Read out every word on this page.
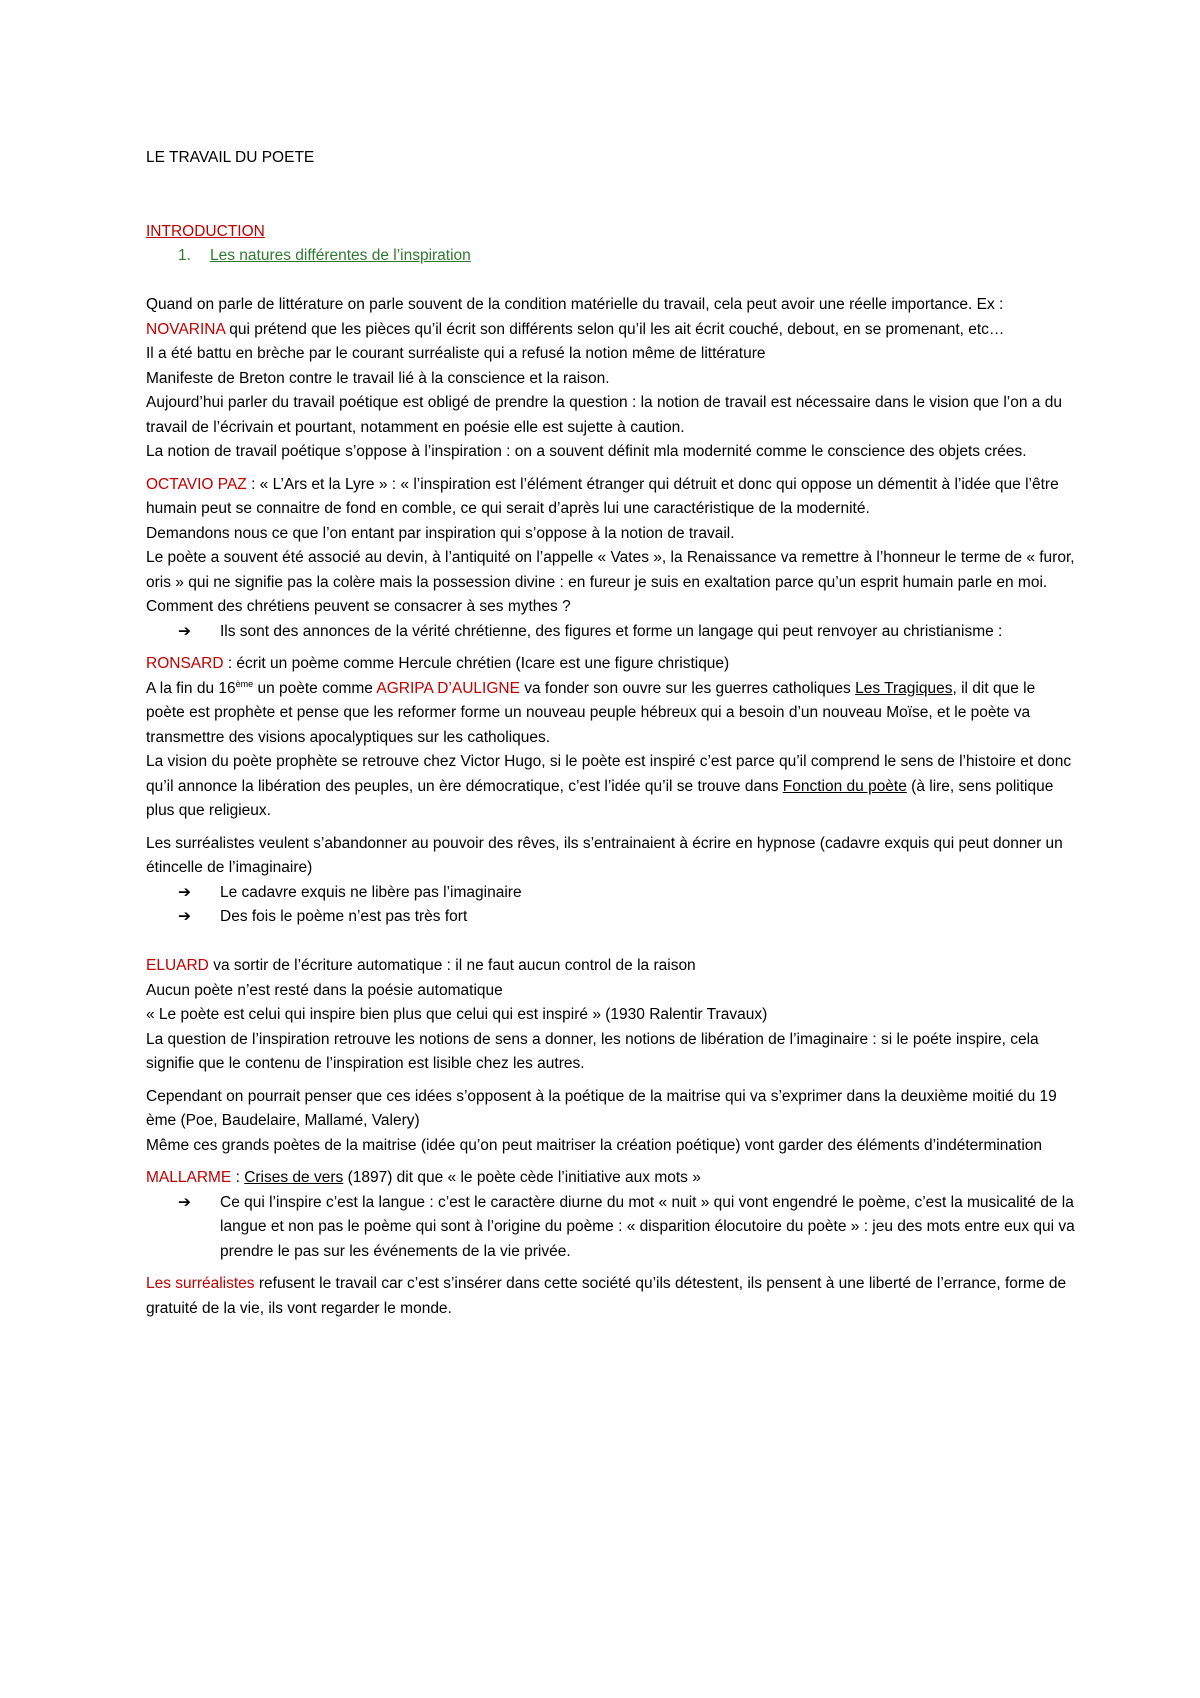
LE TRAVAIL DU POETE

INTRODUCTION

1.	Les natures différentes de l’inspiration

Quand on parle de littérature on parle souvent de la condition matérielle du travail, cela peut avoir une réelle importance. Ex : NOVARINA qui prétend que les pièces qu’il écrit son différents selon qu’il les ait écrit couché, debout, en se promenant, etc…

Il a été battu en brèche par le courant surréaliste qui a refusé la notion même de littérature

Manifeste de Breton contre le travail lié à la conscience et la raison.

Aujourd’hui parler du travail poétique est obligé de prendre la question : la notion de travail est nécessaire dans le vision que l’on a du travail de l’écrivain et pourtant, notamment en poésie elle est sujette à caution.

La notion de travail poétique s’oppose à l’inspiration : on a souvent définit mla modernité comme le conscience des objets crées.

OCTAVIO PAZ : « L’Ars et la Lyre » : « l’inspiration est l’élément étranger qui détruit et donc qui oppose un démentit à l’idée que l’être humain peut se connaitre de fond en comble, ce qui serait d’après lui une caractéristique de la modernité.

Demandons nous ce que l’on entant par inspiration qui s’oppose à la notion de travail.

Le poète a souvent été associé au devin, à l’antiquité on l’appelle « Vates », la Renaissance va remettre à l’honneur le terme de « furor, oris » qui ne signifie pas la colère mais la possession divine : en fureur je suis en exaltation parce qu’un esprit humain parle en moi.

Comment des chrétiens peuvent se consacrer à ses mythes ?

➔	Ils sont des annonces de la vérité chrétienne, des figures et forme un langage qui peut renvoyer au christianisme :

RONSARD : écrit un poème comme Hercule chrétien (Icare est une figure christique)

A la fin du 16ème un poète comme AGRIPA D’AULIGNE va fonder son ouvre sur les guerres catholiques Les Tragiques, il dit que le poète est prophète et pense que les reformer forme un nouveau peuple hébreux qui a besoin d’un nouveau Moïse, et le poète va transmettre des visions apocalyptiques sur les catholiques.

La vision du poète prophète se retrouve chez Victor Hugo, si le poète est inspiré c’est parce qu’il comprend le sens de l’histoire et donc qu’il annonce la libération des peuples, un ère démocratique, c’est l’idée qu’il se trouve dans Fonction du poète (à lire, sens politique plus que religieux.

Les surréalistes veulent s’abandonner au pouvoir des rêves, ils s’entrainaient à écrire en hypnose (cadavre exquis qui peut donner un étincelle de l’imaginaire)

➔	Le cadavre exquis ne libère pas l’imaginaire
➔	Des fois le poème n’est pas très fort

ELUARD va sortir de l’écriture automatique : il ne faut aucun control de la raison

Aucun poète n’est resté dans la poésie automatique

« Le poète est celui qui inspire bien plus que celui qui est inspiré » (1930 Ralentir Travaux)

La question de l’inspiration retrouve les notions de sens a donner, les notions de libération de l’imaginaire : si le poéte inspire, cela signifie que le contenu de l’inspiration est lisible chez les autres.

Cependant on pourrait penser que ces idées s’opposent à la poétique de la maitrise qui va s’exprimer dans la deuxième moitié du 19 ème (Poe, Baudelaire, Mallamé, Valery)

Même ces grands poètes de la maitrise (idée qu’on peut maitriser la création poétique) vont garder des éléments d’indétermination

MALLARME : Crises de vers (1897) dit que « le poète cède l’initiative aux mots »

➔	Ce qui l’inspire c’est la langue : c’est le caractère diurne du mot « nuit » qui vont engendré le poème, c’est la musicalité de la langue et non pas le poème qui sont à l’origine du poème : « disparition élocutoire du poète » : jeu des mots entre eux qui va prendre le pas sur les événements de la vie privée.

Les surréalistes refusent le travail car c’est s’insérer dans cette société qu’ils détestent, ils pensent à une liberté de l’errance, forme de gratuité de la vie, ils vont regarder le monde.
